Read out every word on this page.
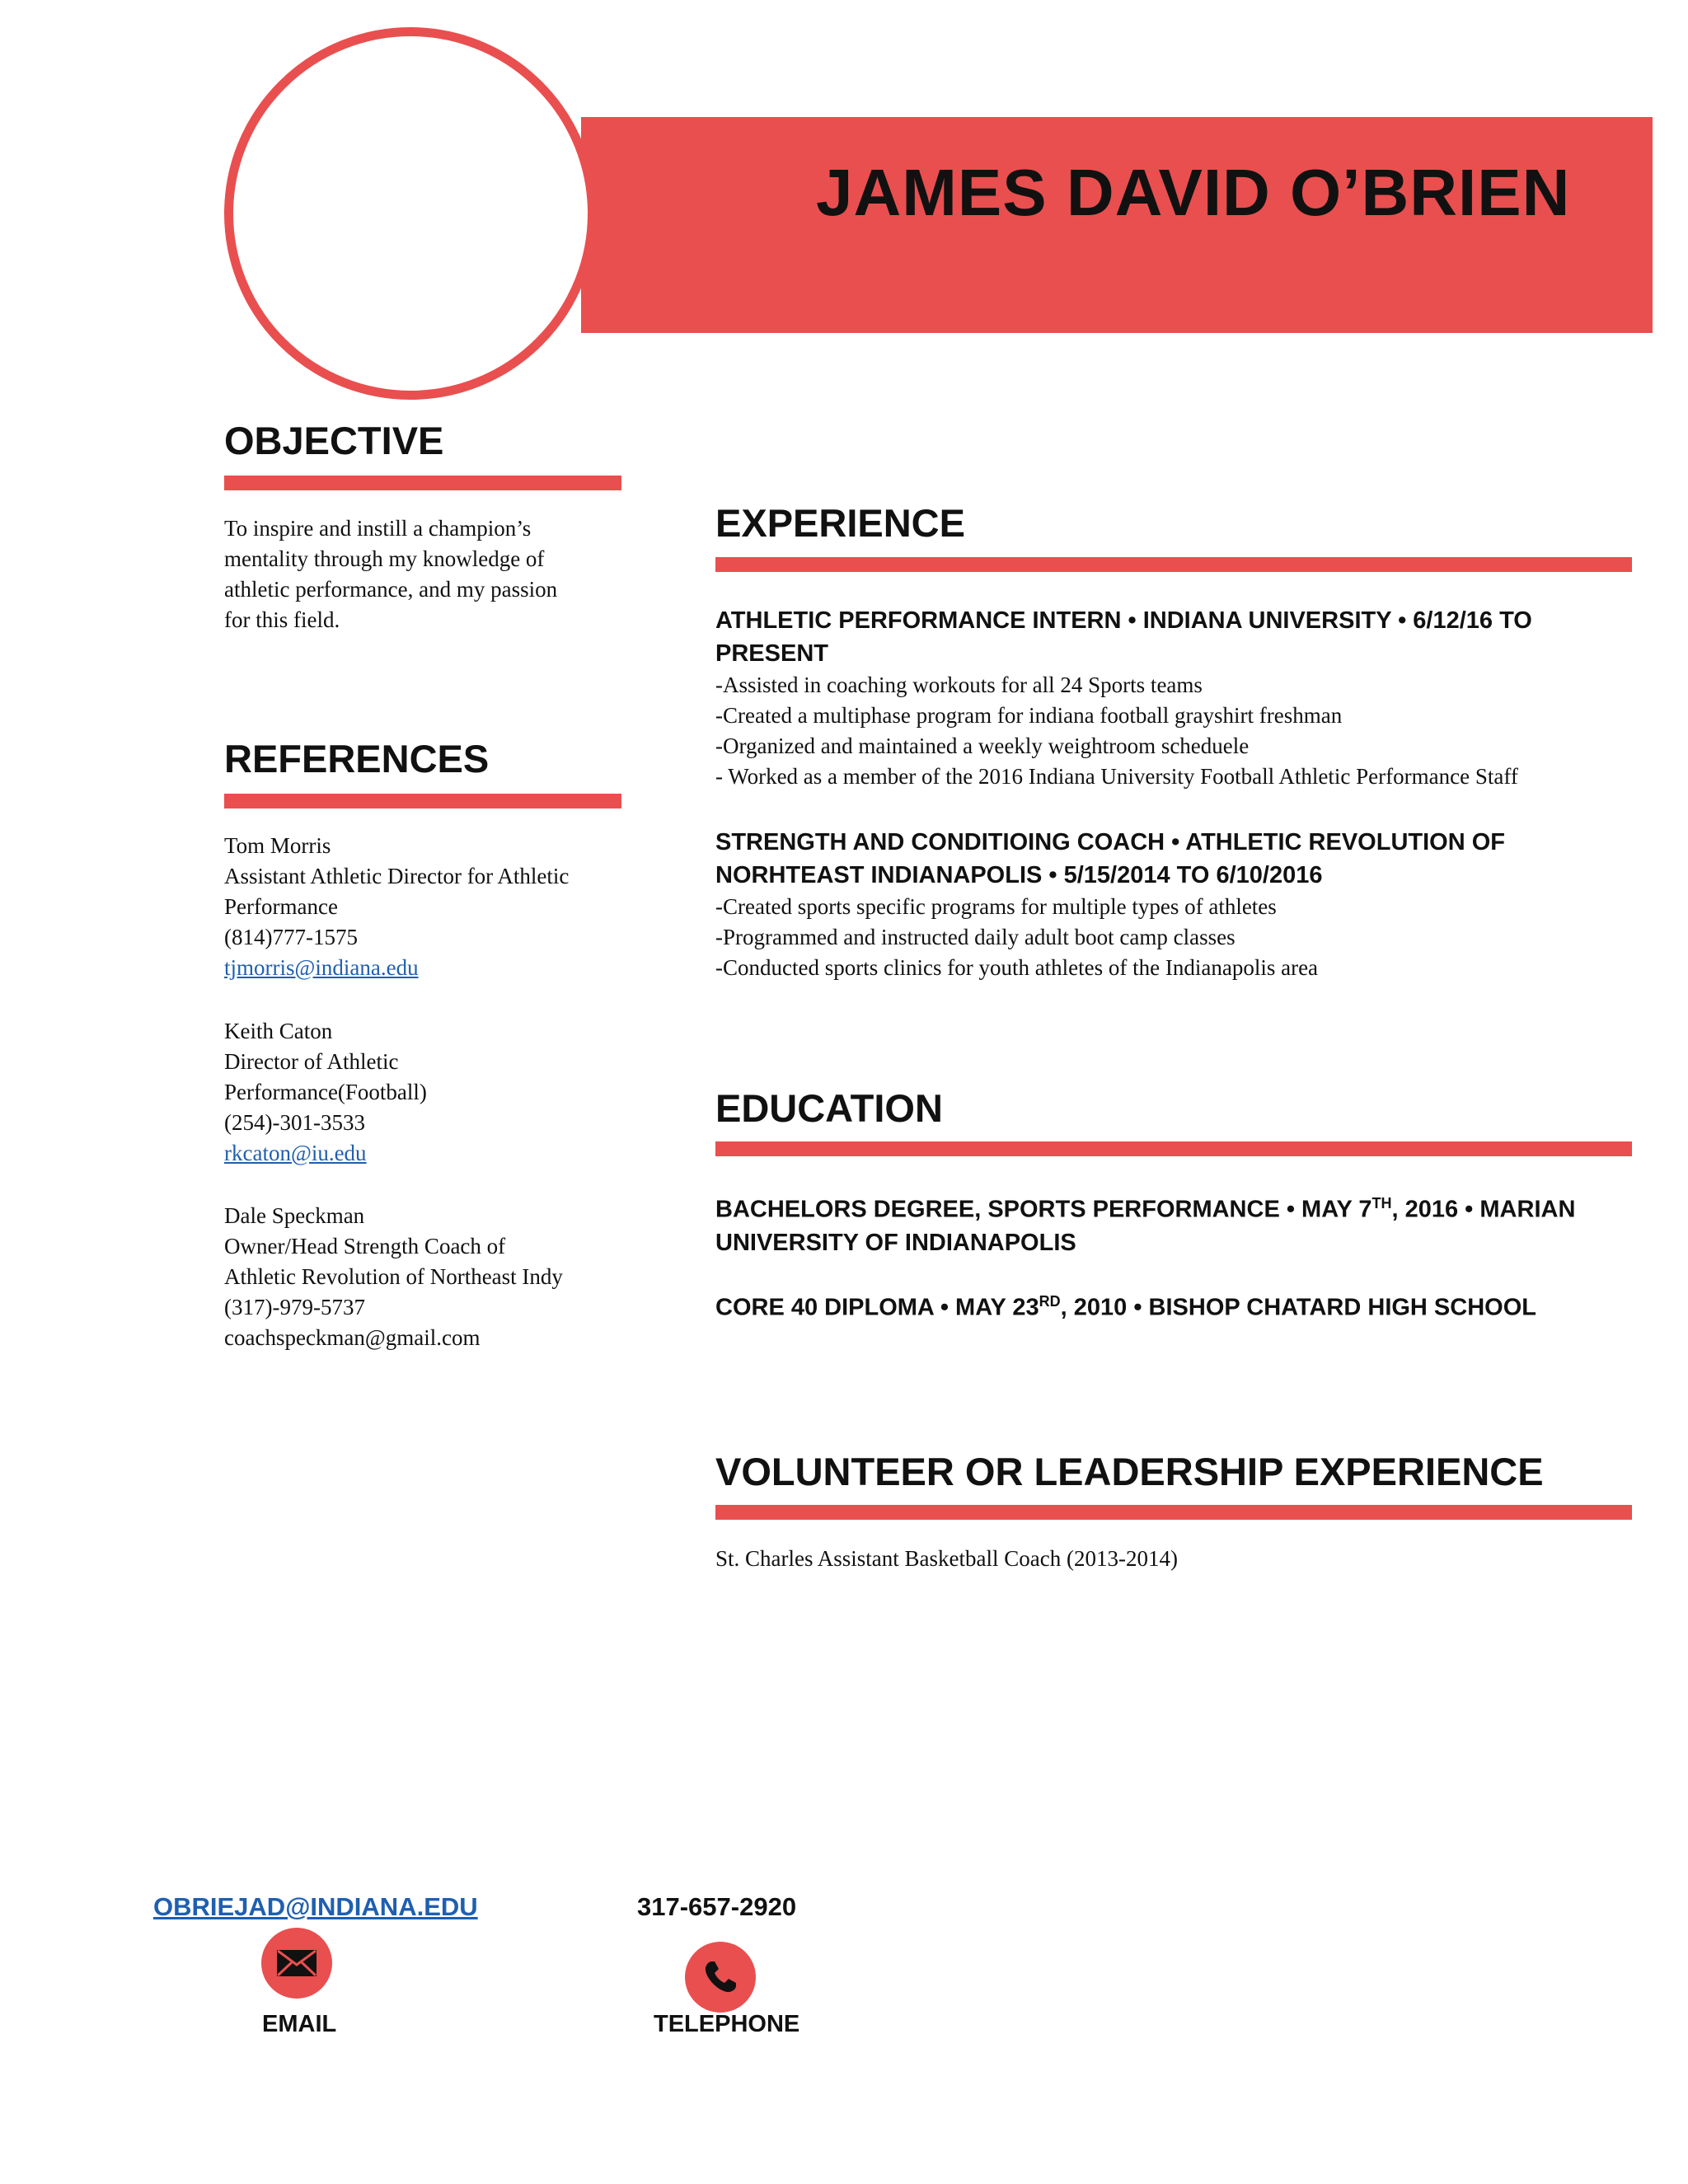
JAMES DAVID O’BRIEN
OBJECTIVE
To inspire and instill a champion’s
mentality through my knowledge of
athletic performance, and my passion
for this field.
REFERENCES
Tom Morris
Assistant Athletic Director for Athletic
Performance
(814)777-1575
tjmorris@indiana.edu
Keith Caton
Director of Athletic
Performance(Football)
(254)-301-3533
rkcaton@iu.edu
Dale Speckman
Owner/Head Strength Coach of
Athletic Revolution of Northeast Indy
(317)-979-5737
coachspeckman@gmail.com
EXPERIENCE
ATHLETIC PERFORMANCE INTERN • INDIANA UNIVERSITY • 6/12/16 TO
PRESENT
-Assisted in coaching workouts for all 24 Sports teams
-Created a multiphase program for indiana football grayshirt freshman
-Organized and maintained a weekly weightroom scheduele
- Worked as a member of the 2016 Indiana University Football Athletic Performance Staff
STRENGTH AND CONDITIOING COACH • ATHLETIC REVOLUTION OF
NORHTEAST INDIANAPOLIS • 5/15/2014 TO 6/10/2016
-Created sports specific programs for multiple types of athletes
-Programmed and instructed daily adult boot camp classes
-Conducted sports clinics for youth athletes of the Indianapolis area
EDUCATION
BACHELORS DEGREE, SPORTS PERFORMANCE • MAY 7TH, 2016 • MARIAN
UNIVERSITY OF INDIANAPOLIS
CORE 40 DIPLOMA • MAY 23RD, 2010 • BISHOP CHATARD HIGH SCHOOL
VOLUNTEER OR LEADERSHIP EXPERIENCE
St. Charles Assistant Basketball Coach (2013-2014)
OBRIEJAD@INDIANA.EDU
EMAIL
317-657-2920
TELEPHONE
